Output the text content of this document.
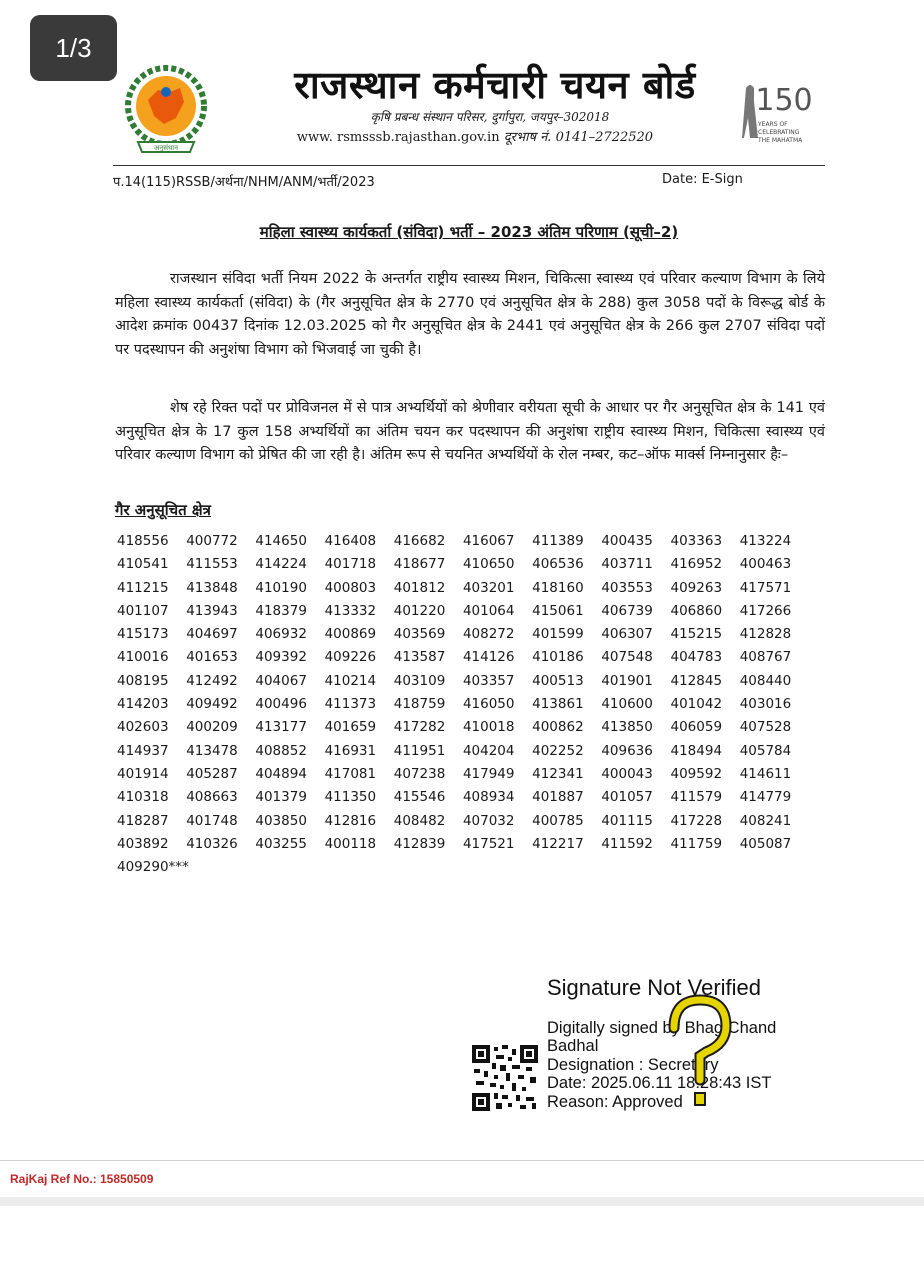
1/3
अनुसंधान
150
YEARS OF
CELEBRATING
THE MAHATMA
राजस्थान कर्मचारी चयन बोर्ड
कृषि प्रबन्ध संस्थान परिसर, दुर्गापुरा, जयपुर–302018
www. rsmsssb.rajasthan.gov.in दूरभाष नं. 0141–2722520
प.14(115)RSSB/अर्थना/NHM/ANM/भर्ती/2023	Date: E-Sign
महिला स्वास्थ्य कार्यकर्ता (संविदा) भर्ती – 2023 अंतिम परिणाम (सूची–2)

राजस्थान संविदा भर्ती नियम 2022 के अन्तर्गत राष्ट्रीय स्वास्थ्य मिशन, चिकित्सा स्वास्थ्य एवं परिवार कल्याण विभाग के लिये महिला स्वास्थ्य कार्यकर्ता (संविदा) के (गैर अनुसूचित क्षेत्र के 2770 एवं अनुसूचित क्षेत्र के 288) कुल 3058 पदों के विरूद्ध बोर्ड के आदेश क्रमांक 00437 दिनांक 12.03.2025 को गैर अनुसूचित क्षेत्र के 2441 एवं अनुसूचित क्षेत्र के 266 कुल 2707 संविदा पदों पर पदस्थापन की अनुशंषा विभाग को भिजवाई जा चुकी है।

शेष रहे रिक्त पदों पर प्रोविजनल में से पात्र अभ्यर्थियों को श्रेणीवार वरीयता सूची के आधार पर गैर अनुसूचित क्षेत्र के 141 एवं अनुसूचित क्षेत्र के 17 कुल 158 अभ्यर्थियों का अंतिम चयन कर पदस्थापन की अनुशंषा राष्ट्रीय स्वास्थ्य मिशन, चिकित्सा स्वास्थ्य एवं परिवार कल्याण विभाग को प्रेषित की जा रही है। अंतिम रूप से चयनित अभ्यर्थियों के रोल नम्बर, कट–ऑफ मार्क्स निम्नानुसार हैः–

गैर अनुसूचित क्षेत्र
418556	400772	414650	416408	416682	416067	411389	400435	403363	413224
410541	411553	414224	401718	418677	410650	406536	403711	416952	400463
411215	413848	410190	400803	401812	403201	418160	403553	409263	417571
401107	413943	418379	413332	401220	401064	415061	406739	406860	417266
415173	404697	406932	400869	403569	408272	401599	406307	415215	412828
410016	401653	409392	409226	413587	414126	410186	407548	404783	408767
408195	412492	404067	410214	403109	403357	400513	401901	412845	408440
414203	409492	400496	411373	418759	416050	413861	410600	401042	403016
402603	400209	413177	401659	417282	410018	400862	413850	406059	407528
414937	413478	408852	416931	411951	404204	402252	409636	418494	405784
401914	405287	404894	417081	407238	417949	412341	400043	409592	414611
410318	408663	401379	411350	415546	408934	401887	401057	411579	414779
418287	401748	403850	412816	408482	407032	400785	401115	417228	408241
403892	410326	403255	400118	412839	417521	412217	411592	411759	405087
409290***
Signature Not Verified
Digitally signed by Bhag Chand
Badhal
Designation : Secretary
Date: 2025.06.11 18:28:43 IST
Reason: Approved
RajKaj Ref No.: 15850509
